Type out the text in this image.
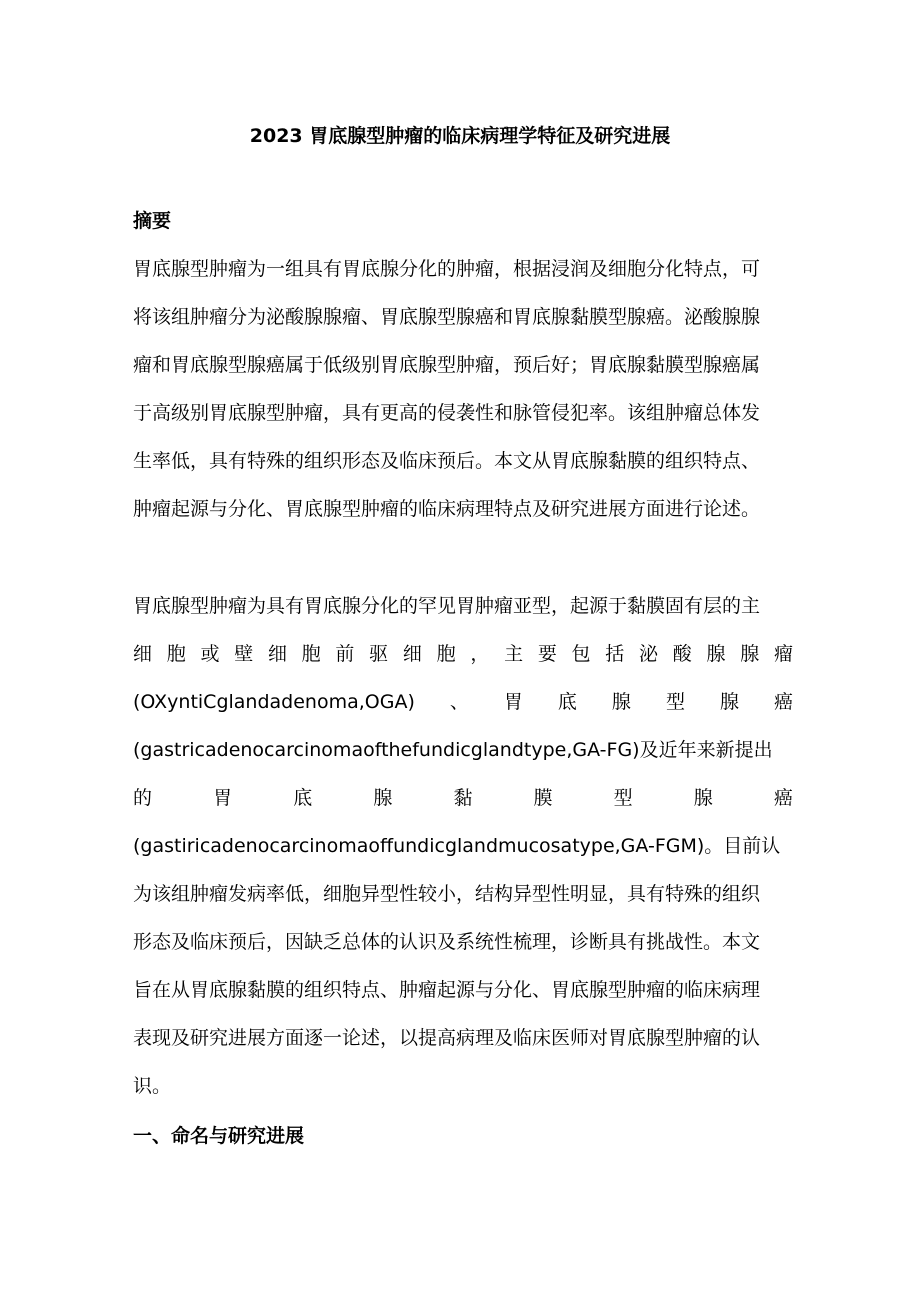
2023 胃底腺型肿瘤的临床病理学特征及研究进展
摘要
胃底腺型肿瘤为一组具有胃底腺分化的肿瘤，根据浸润及细胞分化特点，可
将该组肿瘤分为泌酸腺腺瘤、胃底腺型腺癌和胃底腺黏膜型腺癌。泌酸腺腺
瘤和胃底腺型腺癌属于低级别胃底腺型肿瘤，预后好；胃底腺黏膜型腺癌属
于高级别胃底腺型肿瘤，具有更高的侵袭性和脉管侵犯率。该组肿瘤总体发
生率低，具有特殊的组织形态及临床预后。本文从胃底腺黏膜的组织特点、
肿瘤起源与分化、胃底腺型肿瘤的临床病理特点及研究进展方面进行论述。
胃底腺型肿瘤为具有胃底腺分化的罕见胃肿瘤亚型，起源于黏膜固有层的主
细 胞 或 壁 细 胞 前 驱 细 胞 ， 主 要 包 括 泌 酸 腺 腺 瘤
(OXyntiCglandadenoma,OGA) 、 胃 底 腺 型 腺 癌
(gastricadenocarcinomaofthefundicglandtype,GA-FG)及近年来新提出
的	胃	底	腺	黏	膜	型	腺	癌
(gastiricadenocarcinomaoffundicglandmucosatype,GA-FGM)。目前认
为该组肿瘤发病率低，细胞异型性较小，结构异型性明显，具有特殊的组织
形态及临床预后，因缺乏总体的认识及系统性梳理，诊断具有挑战性。本文
旨在从胃底腺黏膜的组织特点、肿瘤起源与分化、胃底腺型肿瘤的临床病理
表现及研究进展方面逐一论述，以提高病理及临床医师对胃底腺型肿瘤的认
识。
一、命名与研究进展
